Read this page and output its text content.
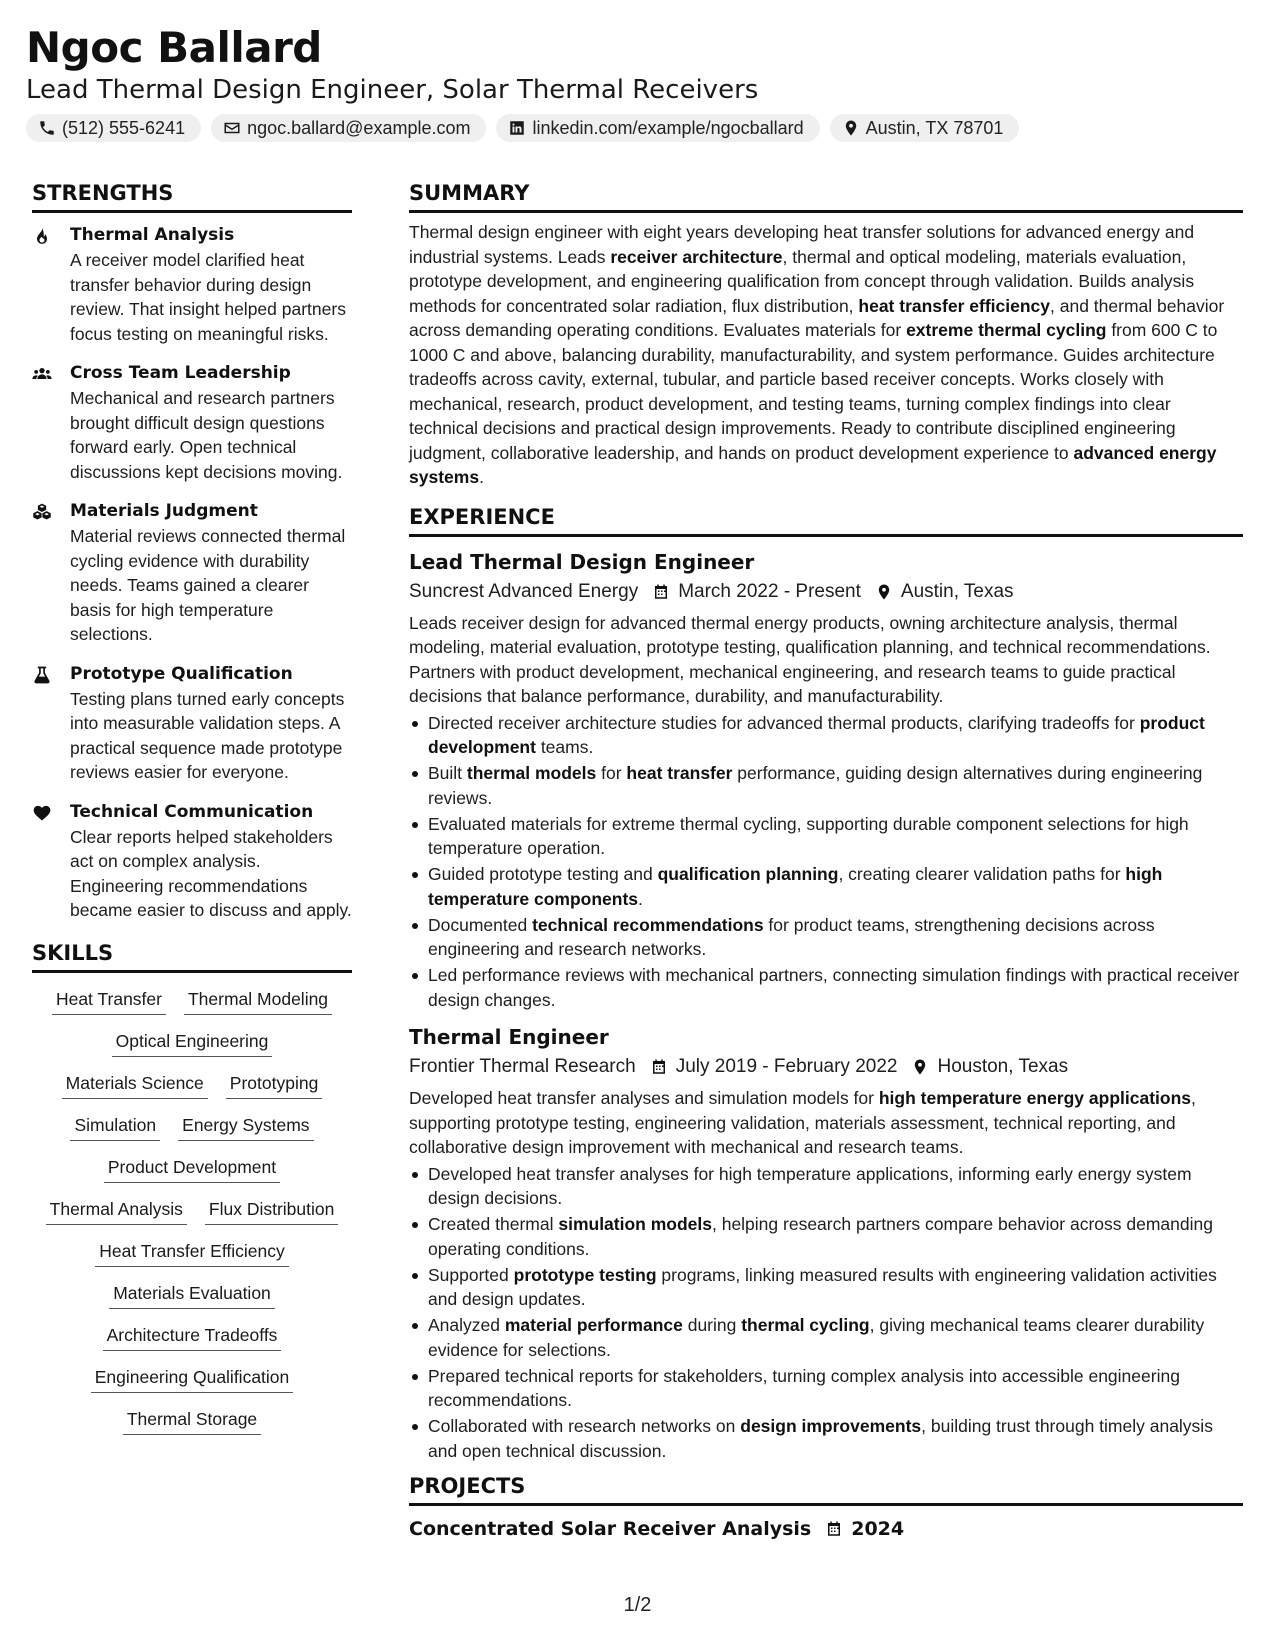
Ngoc Ballard
Lead Thermal Design Engineer, Solar Thermal Receivers
(512) 555-6241	ngoc.ballard@example.com	linkedin.com/example/ngocballard	Austin, TX 78701
STRENGTHS
Thermal Analysis
A receiver model clarified heat transfer behavior during design review. That insight helped partners focus testing on meaningful risks.
Cross Team Leadership
Mechanical and research partners brought difficult design questions forward early. Open technical discussions kept decisions moving.
Materials Judgment
Material reviews connected thermal cycling evidence with durability needs. Teams gained a clearer basis for high temperature selections.
Prototype Qualification
Testing plans turned early concepts into measurable validation steps. A practical sequence made prototype reviews easier for everyone.
Technical Communication
Clear reports helped stakeholders act on complex analysis. Engineering recommendations became easier to discuss and apply.
SKILLS
Heat Transfer Thermal Modeling
Optical Engineering
Materials Science Prototyping
Simulation Energy Systems
Product Development
Thermal Analysis Flux Distribution
Heat Transfer Efficiency
Materials Evaluation
Architecture Tradeoffs
Engineering Qualification
Thermal Storage
SUMMARY
Thermal design engineer with eight years developing heat transfer solutions for advanced energy and industrial systems. Leads receiver architecture, thermal and optical modeling, materials evaluation, prototype development, and engineering qualification from concept through validation. Builds analysis methods for concentrated solar radiation, flux distribution, heat transfer efficiency, and thermal behavior across demanding operating conditions. Evaluates materials for extreme thermal cycling from 600 C to 1000 C and above, balancing durability, manufacturability, and system performance. Guides architecture tradeoffs across cavity, external, tubular, and particle based receiver concepts. Works closely with mechanical, research, product development, and testing teams, turning complex findings into clear technical decisions and practical design improvements. Ready to contribute disciplined engineering judgment, collaborative leadership, and hands on product development experience to advanced energy systems.
EXPERIENCE
Lead Thermal Design Engineer
Suncrest Advanced Energy March 2022 - Present Austin, Texas
Leads receiver design for advanced thermal energy products, owning architecture analysis, thermal modeling, material evaluation, prototype testing, qualification planning, and technical recommendations. Partners with product development, mechanical engineering, and research teams to guide practical decisions that balance performance, durability, and manufacturability.
Directed receiver architecture studies for advanced thermal products, clarifying tradeoffs for product development teams.
Built thermal models for heat transfer performance, guiding design alternatives during engineering reviews.
Evaluated materials for extreme thermal cycling, supporting durable component selections for high temperature operation.
Guided prototype testing and qualification planning, creating clearer validation paths for high temperature components.
Documented technical recommendations for product teams, strengthening decisions across engineering and research networks.
Led performance reviews with mechanical partners, connecting simulation findings with practical receiver design changes.
Thermal Engineer
Frontier Thermal Research July 2019 - February 2022 Houston, Texas
Developed heat transfer analyses and simulation models for high temperature energy applications, supporting prototype testing, engineering validation, materials assessment, technical reporting, and collaborative design improvement with mechanical and research teams.
Developed heat transfer analyses for high temperature applications, informing early energy system design decisions.
Created thermal simulation models, helping research partners compare behavior across demanding operating conditions.
Supported prototype testing programs, linking measured results with engineering validation activities and design updates.
Analyzed material performance during thermal cycling, giving mechanical teams clearer durability evidence for selections.
Prepared technical reports for stakeholders, turning complex analysis into accessible engineering recommendations.
Collaborated with research networks on design improvements, building trust through timely analysis and open technical discussion.
PROJECTS
Concentrated Solar Receiver Analysis 2024
1/2
